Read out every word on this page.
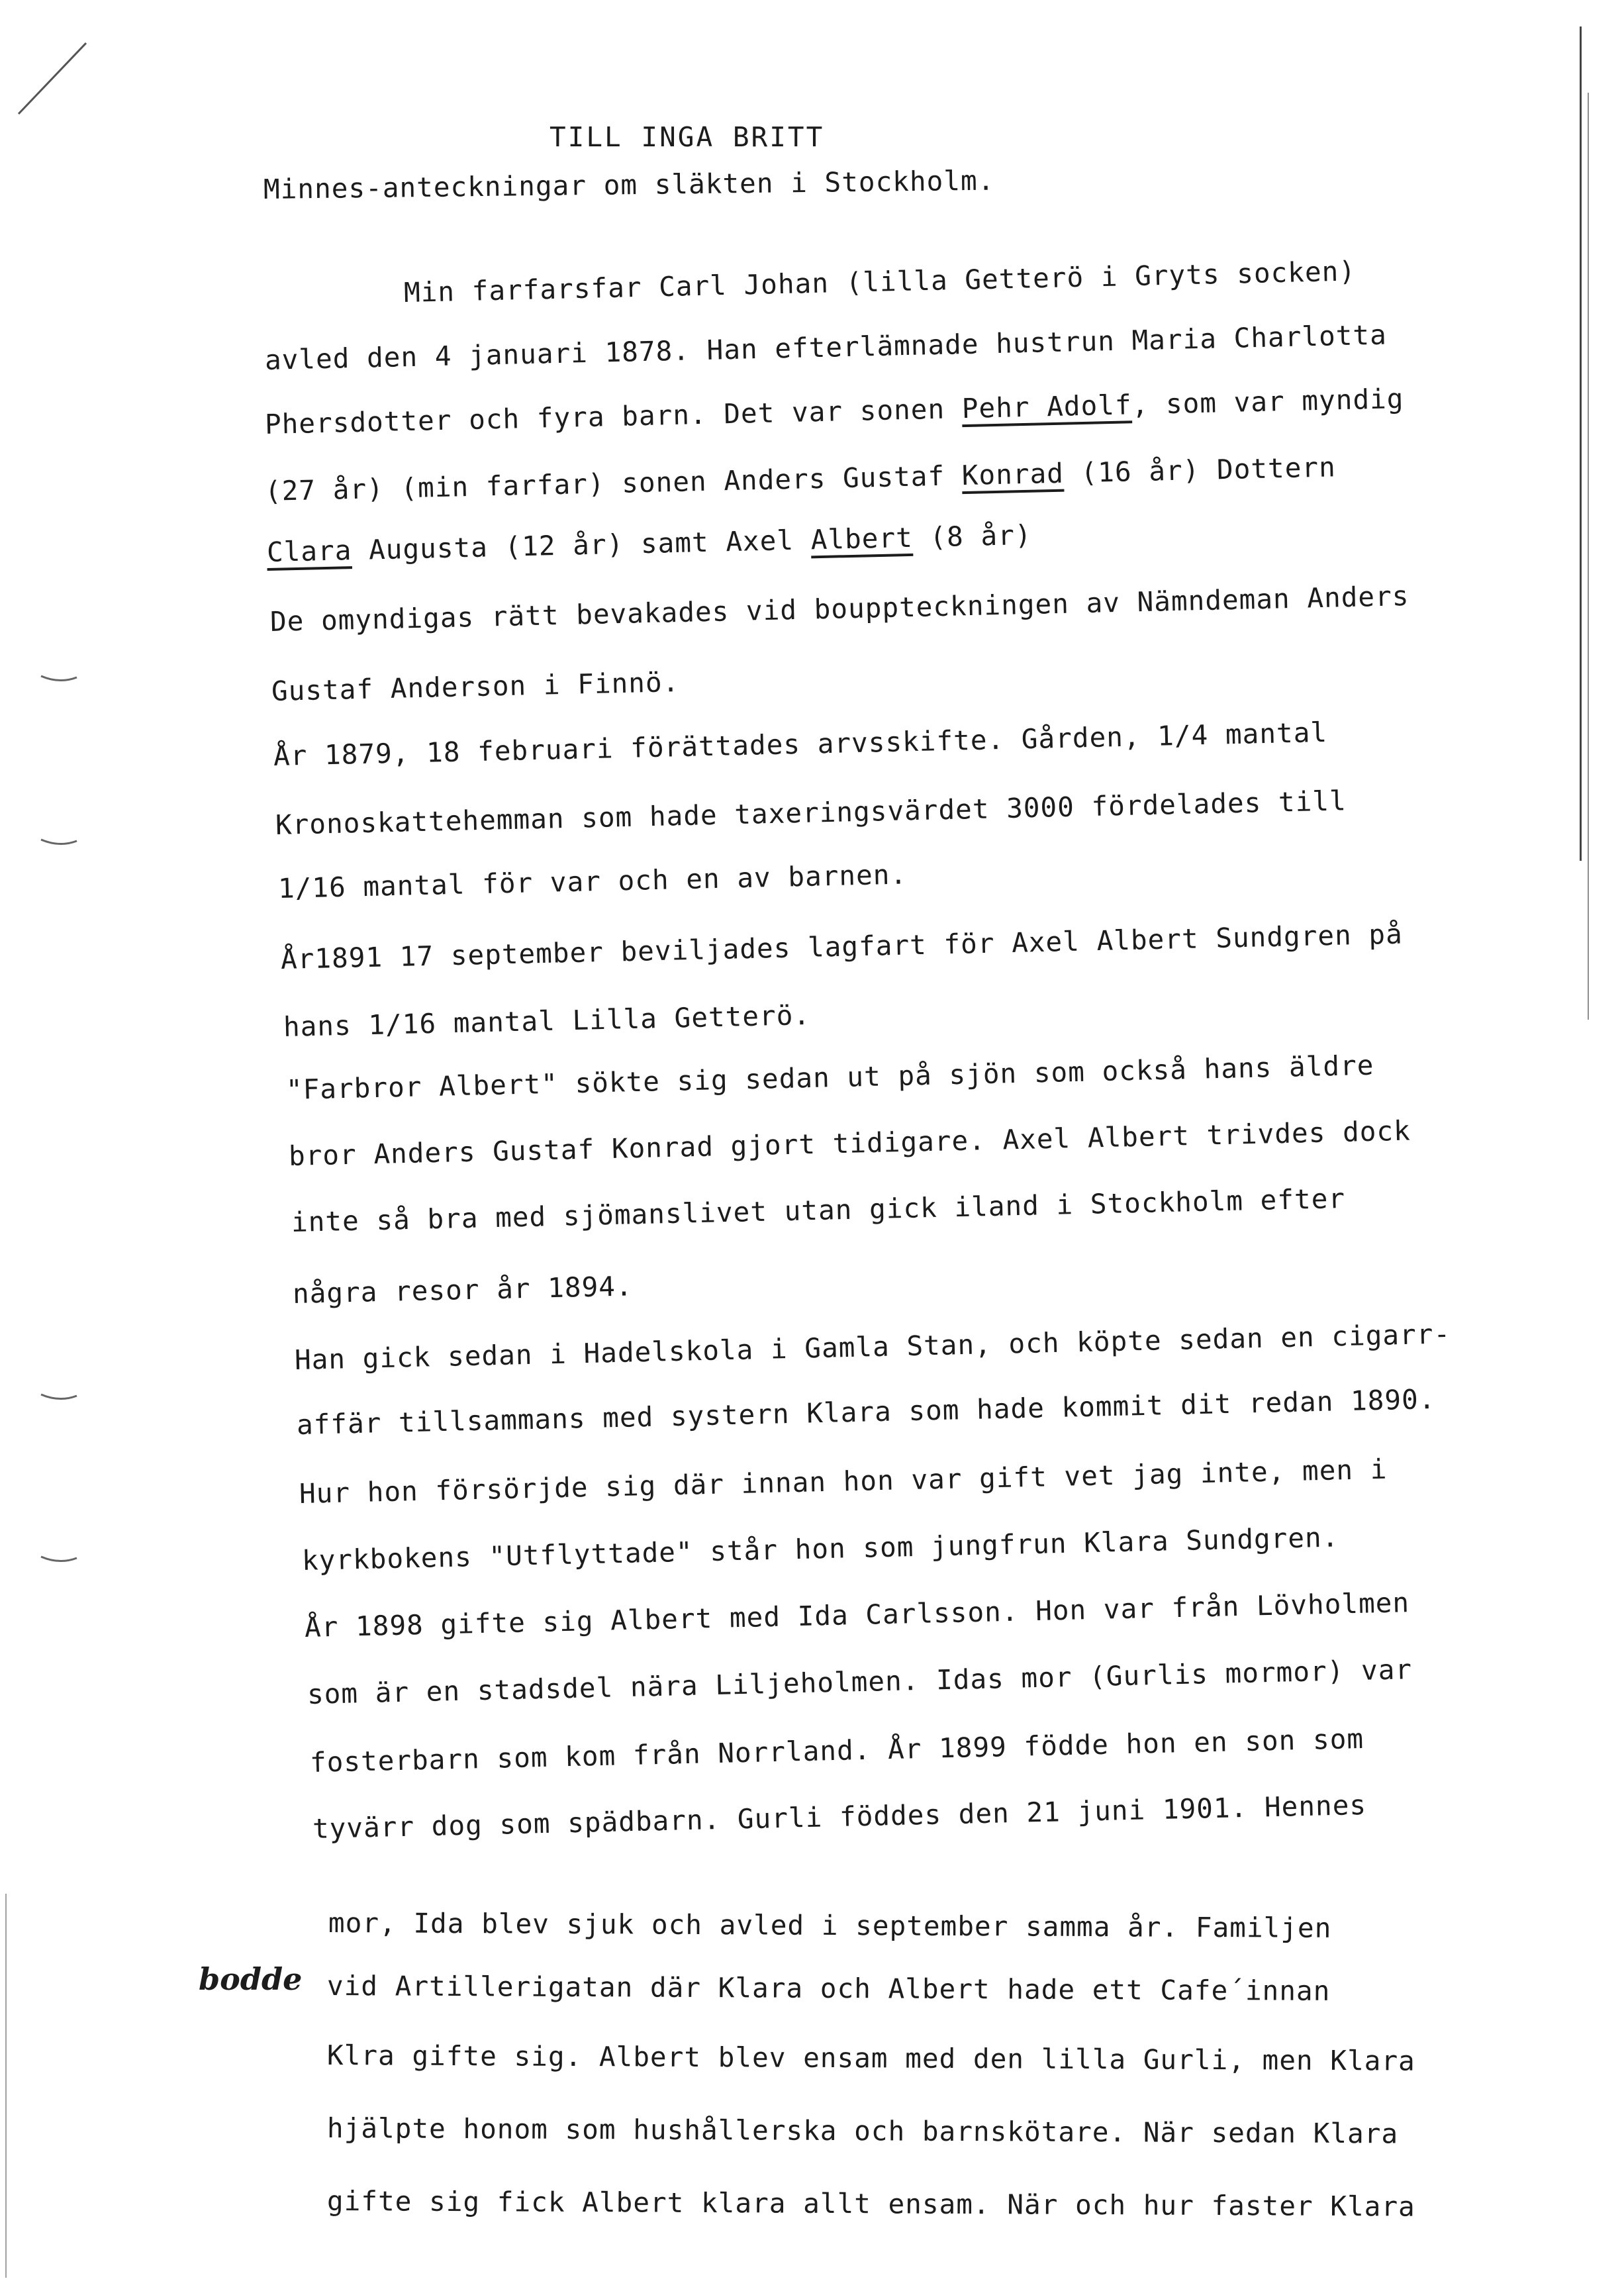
TILL INGA BRITT
Minnes-anteckningar om släkten i Stockholm.
Min farfarsfar Carl Johan (lilla Getterö i Gryts socken)
avled den 4 januari 1878. Han efterlämnade hustrun Maria Charlotta
Phersdotter och fyra barn. Det var sonen Pehr Adolf, som var myndig
(27 år) (min farfar) sonen Anders Gustaf Konrad (16 år) Dottern
Clara Augusta (12 år) samt Axel Albert (8 år)
De omyndigas rätt bevakades vid bouppteckningen av Nämndeman Anders
Gustaf Anderson i Finnö.
År 1879, 18 februari förättades arvsskifte. Gården, 1/4 mantal
Kronoskattehemman som hade taxeringsvärdet 3000 fördelades till
1/16 mantal för var och en av barnen.
År1891 17 september beviljades lagfart för Axel Albert Sundgren på
hans 1/16 mantal Lilla Getterö.
"Farbror Albert" sökte sig sedan ut på sjön som också hans äldre
bror Anders Gustaf Konrad gjort tidigare. Axel Albert trivdes dock
inte så bra med sjömanslivet utan gick iland i Stockholm efter
några resor år 1894.
Han gick sedan i Hadelskola i Gamla Stan, och köpte sedan en cigarr-
affär tillsammans med systern Klara som hade kommit dit redan 1890.
Hur hon försörjde sig där innan hon var gift vet jag inte, men i
kyrkbokens "Utflyttade" står hon som jungfrun Klara Sundgren.
År 1898 gifte sig Albert med Ida Carlsson. Hon var från Lövholmen
som är en stadsdel nära Liljeholmen. Idas mor (Gurlis mormor) var
fosterbarn som kom från Norrland. År 1899 födde hon en son som
tyvärr dog som spädbarn. Gurli föddes den 21 juni 1901. Hennes
mor, Ida blev sjuk och avled i september samma år. Familjen
bodde vid Artillerigatan där Klara och Albert hade ett Cafe´innan
Klra gifte sig. Albert blev ensam med den lilla Gurli, men Klara
hjälpte honom som hushållerska och barnskötare. När sedan Klara
gifte sig fick Albert klara allt ensam. När och hur faster Klara
